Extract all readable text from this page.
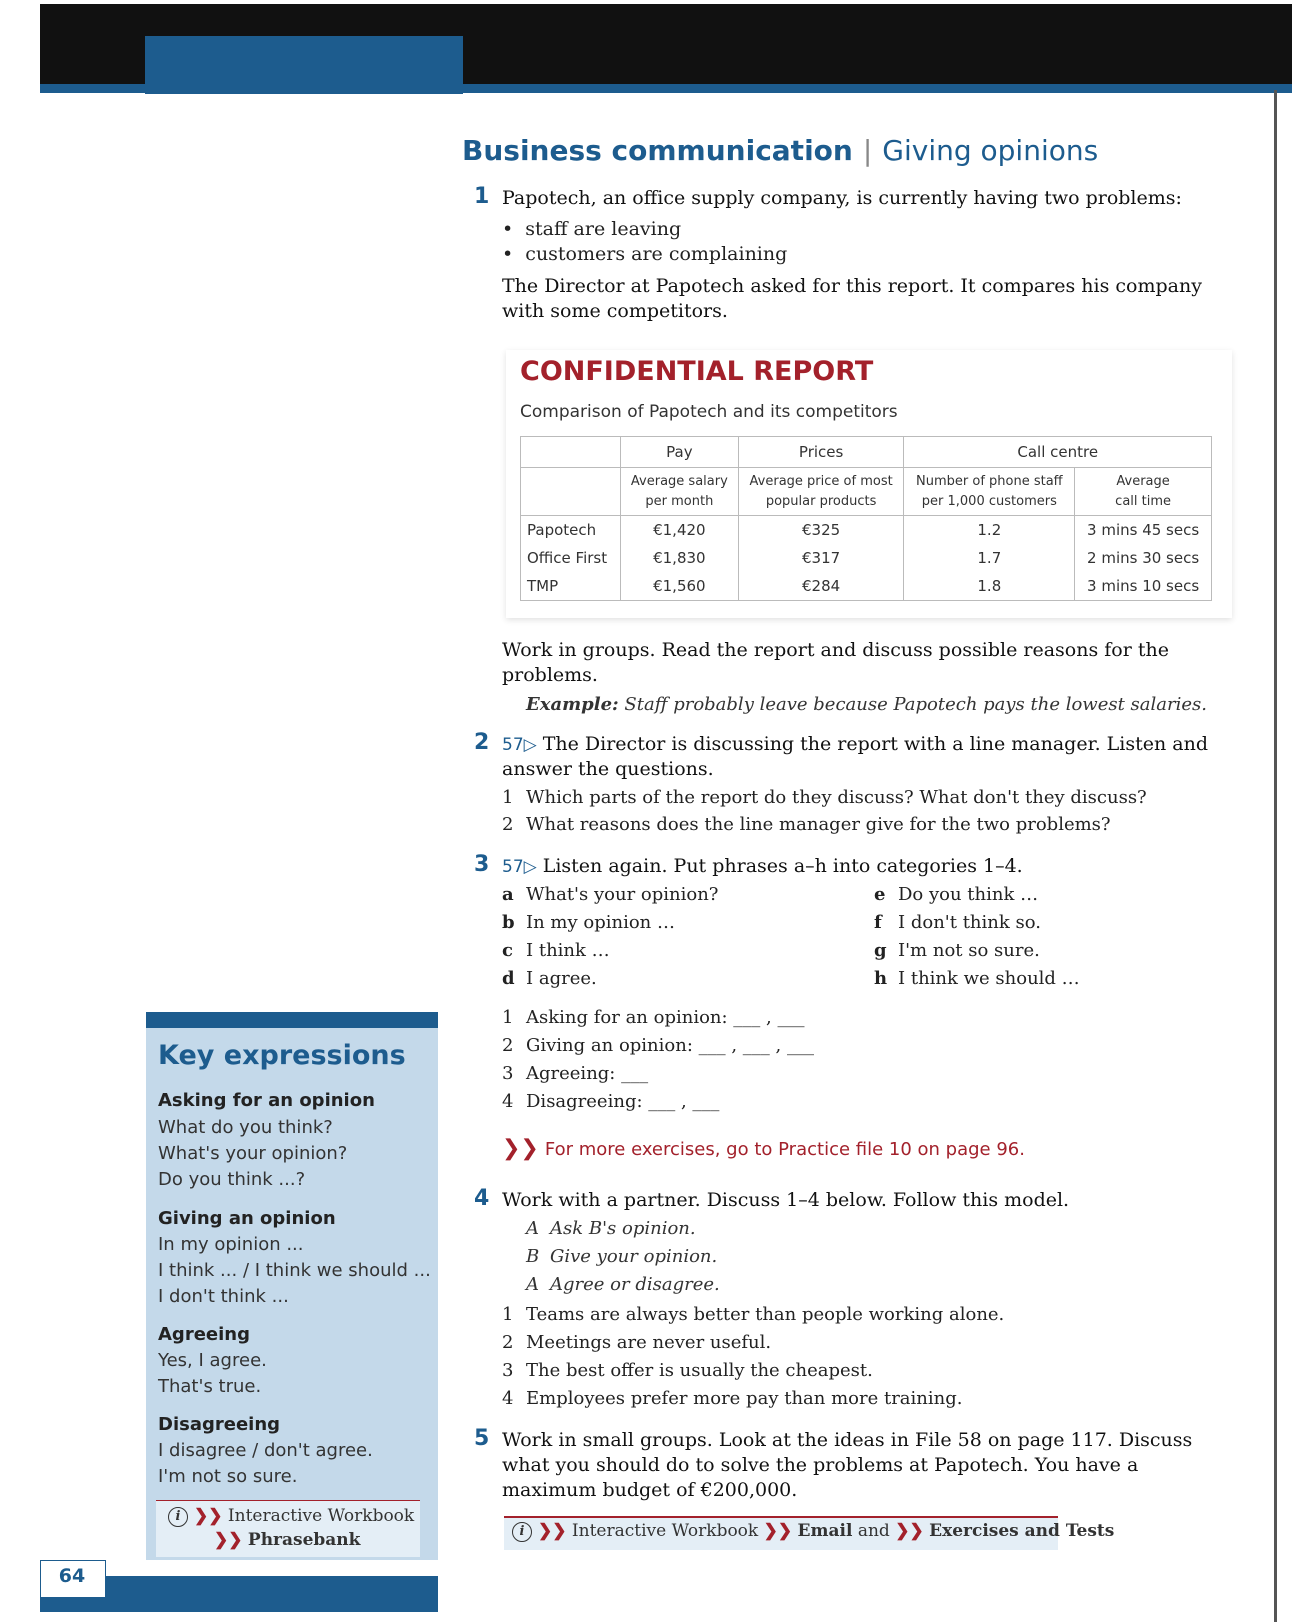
Business communication | Giving opinions
1 Papotech, an office supply company, is currently having two problems:
•  staff are leaving
•  customers are complaining
The Director at Papotech asked for this report. It compares his company
with some competitors.
CONFIDENTIAL REPORT
Comparison of Papotech and its competitors
	Pay	Prices	Call centre	
	Average salary
per month	Average price of most
popular products	Number of phone staff
per 1,000 customers	Average
call time
Papotech	€1,420	€325	1.2	3 mins 45 secs
Office First	€1,830	€317	1.7	2 mins 30 secs
TMP	€1,560	€284	1.8	3 mins 10 secs
Work in groups. Read the report and discuss possible reasons for the
problems.
Example: Staff probably leave because Papotech pays the lowest salaries.
2 57▷ The Director is discussing the report with a line manager. Listen and
answer the questions.
1 Which parts of the report do they discuss? What don't they discuss?
2 What reasons does the line manager give for the two problems?
3 57▷ Listen again. Put phrases a–h into categories 1–4.
a What's your opinion?
b In my opinion …
c I think …
d I agree.
e Do you think …
f I don't think so.
g I'm not so sure.
h I think we should …
1 Asking for an opinion: ___ , ___
2 Giving an opinion: ___ , ___ , ___
3 Agreeing: ___
4 Disagreeing: ___ , ___
❯❯ For more exercises, go to Practice file 10 on page 96.
4 Work with a partner. Discuss 1–4 below. Follow this model.
A Ask B's opinion.
B Give your opinion.
A Agree or disagree.
1 Teams are always better than people working alone.
2 Meetings are never useful.
3 The best offer is usually the cheapest.
4 Employees prefer more pay than more training.
5 Work in small groups. Look at the ideas in File 58 on page 117. Discuss
what you should do to solve the problems at Papotech. You have a
maximum budget of €200,000.
i ❯❯ Interactive Workbook ❯❯ Email and ❯❯ Exercises and Tests
Key expressions
Asking for an opinion
What do you think?
What's your opinion?
Do you think ...?
Giving an opinion
In my opinion ...
I think ... / I think we should ...
I don't think ...
Agreeing
Yes, I agree.
That's true.
Disagreeing
I disagree / don't agree.
I'm not so sure.
i ❯❯ Interactive Workbook
❯❯ Phrasebank
64
